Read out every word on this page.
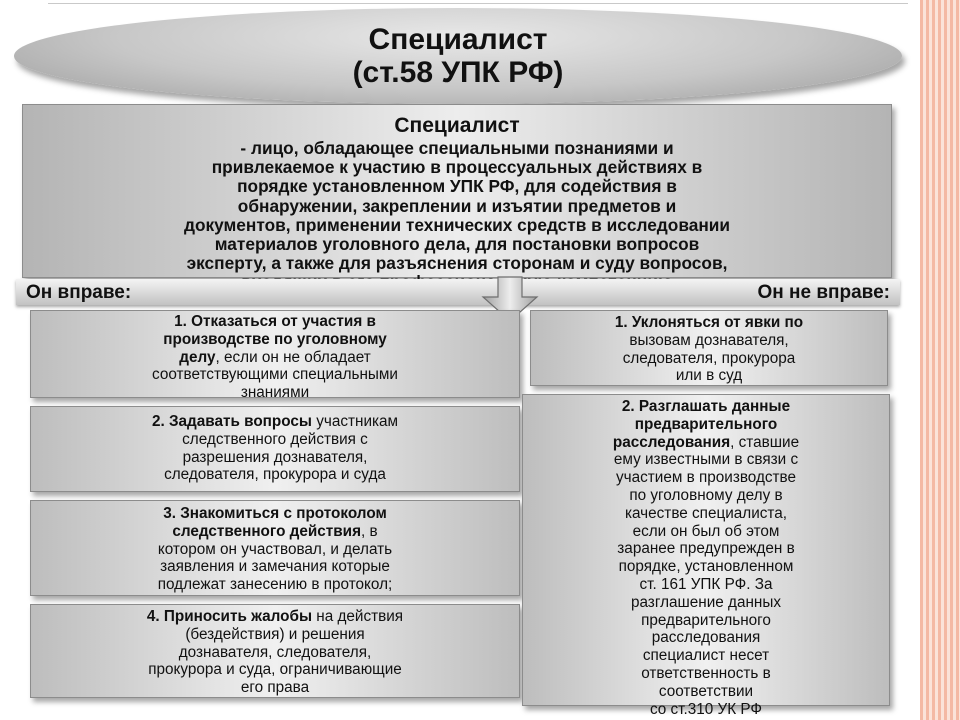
Специалист
(ст.58 УПК РФ)
Специалист
- лицо, обладающее специальными познаниями и
привлекаемое к участию в процессуальных действиях в
порядке установленном УПК РФ, для содействия в
обнаружении, закреплении и изъятии предметов и
документов, применении технических средств в исследовании
материалов уголовного дела, для постановки вопросов
эксперту, а также для разъяснения сторонам и суду вопросов,
Он вправе:	Он не вправе:
1. Отказаться от участия в
производстве по уголовному
делу, если он не обладает
соответствующими специальными
знаниями
2. Задавать вопросы участникам
следственного действия с
разрешения дознавателя,
следователя, прокурора и суда
3. Знакомиться с протоколом
следственного действия, в
котором он участвовал, и делать
заявления и замечания которые
подлежат занесению в протокол;
4. Приносить жалобы на действия
(бездействия) и решения
дознавателя, следователя,
прокурора и суда, ограничивающие
его права
1. Уклоняться от явки по
вызовам дознавателя,
следователя, прокурора
или в суд
2. Разглашать данные
предварительного
расследования, ставшие
ему известными в связи с
участием в производстве
по уголовному делу в
качестве специалиста,
если он был об этом
заранее предупрежден в
порядке, установленном
ст. 161 УПК РФ. За
разглашение данных
предварительного
расследования
специалист несет
ответственность в
соответствии
со ст.310 УК РФ
